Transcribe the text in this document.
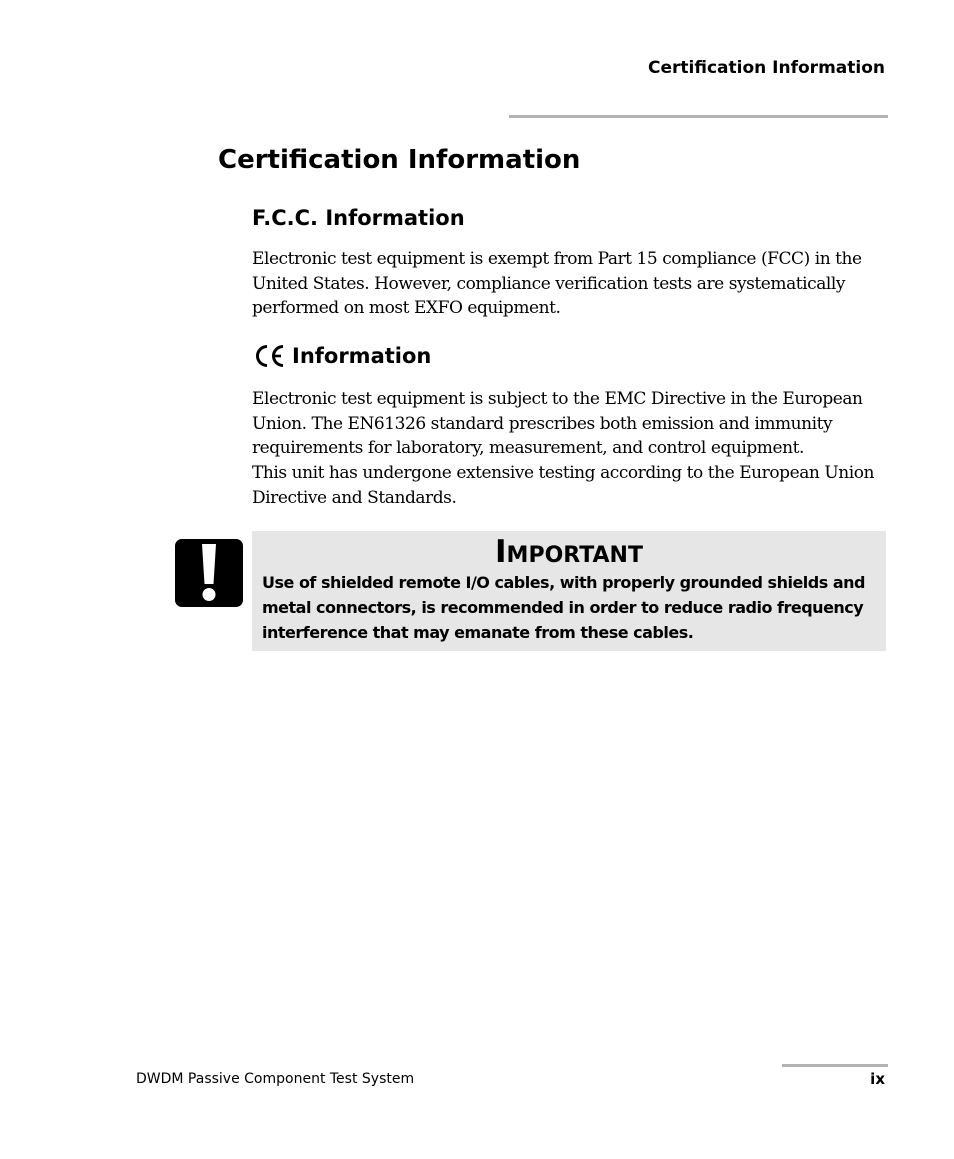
Certification Information
Certification Information
F.C.C. Information

Electronic test equipment is exempt from Part 15 compliance (FCC) in the United States. However, compliance verification tests are systematically performed on most EXFO equipment.

Information

Electronic test equipment is subject to the EMC Directive in the European Union. The EN61326 standard prescribes both emission and immunity requirements for laboratory, measurement, and control equipment.

This unit has undergone extensive testing according to the European Union Directive and Standards.

Important

Use of shielded remote I/O cables, with properly grounded shields and metal connectors, is recommended in order to reduce radio frequency interference that may emanate from these cables.

DWDM Passive Component Test System	ix
